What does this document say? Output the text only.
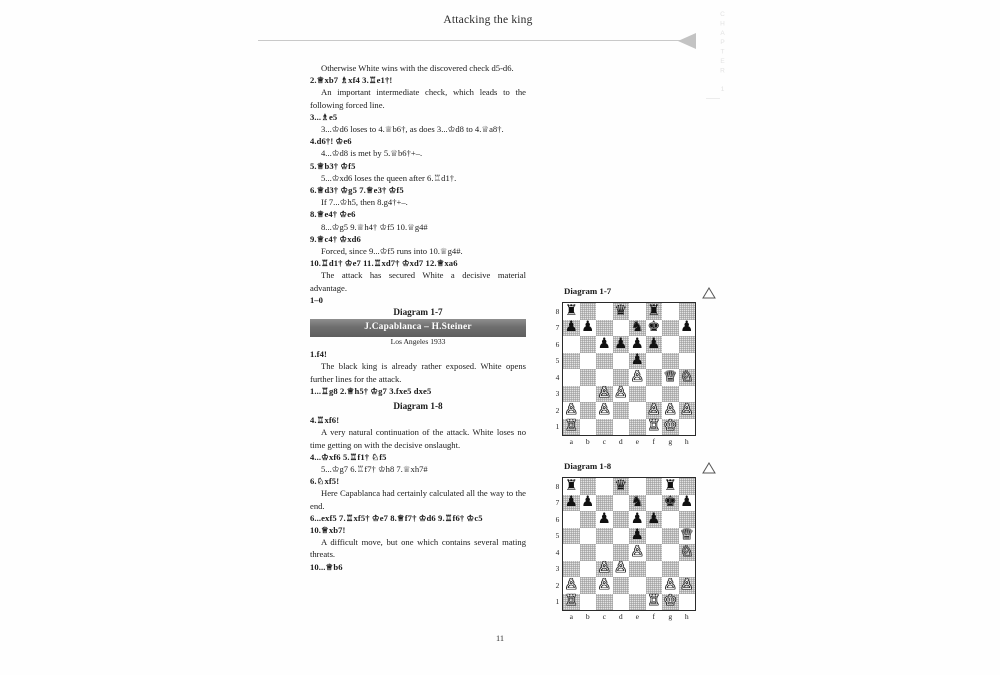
Attacking the king	CHAPTER 1

Otherwise White wins with the discovered check d5-d6.

2.♕xb7 ♗xf4 3.♖e1†!

An important intermediate check, which leads to the following forced line.

3...♗e5

3...♔d6 loses to 4.♕b6†, as does 3...♔d8 to 4.♕a8†.

4.d6†! ♔e6

4...♔d8 is met by 5.♕b6†+–.

5.♕b3† ♔f5

5...♔xd6 loses the queen after 6.♖d1†.

6.♕d3† ♔g5 7.♕e3† ♔f5

If 7...♔h5, then 8.g4†+–.

8.♕e4† ♔e6

8...♔g5 9.♕h4† ♔f5 10.♕g4#

9.♕c4† ♔xd6

Forced, since 9...♔f5 runs into 10.♕g4#.

10.♖d1† ♔e7 11.♖xd7† ♔xd7 12.♕xa6

The attack has secured White a decisive material advantage.

1–0

Diagram 1-7

J.Capablanca – H.Steiner

Los Angeles 1933

1.f4!

The black king is already rather exposed. White opens further lines for the attack.

1...♖g8 2.♕h5† ♔g7 3.fxe5 dxe5

Diagram 1-8

4.♖xf6!

A very natural continuation of the attack. White loses no time getting on with the decisive onslaught.

4...♔xf6 5.♖f1† ♘f5

5...♔g7 6.♖f7† ♔h8 7.♕xh7#

6.♘xf5!

Here Capablanca had certainly calculated all the way to the end.

6...exf5 7.♖xf5† ♔e7 8.♕f7† ♔d6 9.♖f6† ♔c5

10.♕xb7!

A difficult move, but one which contains several mating threats.

10...♕b6

Diagram 1-7
8
7
6
5
4
3
2
1
♜	♛ ♜
♟ ♟	♞ ♚ ♟
♟ ♟ ♟ ♟
♟
♙ ♕ ♘
♙ ♙
♙ ♙	♙ ♙ ♙
♖	♖ ♔
a	b	c	d	e	f	g	h
Diagram 1-8
8
7
6
5
4
3
2
1
♜	♛	♜
♟ ♟	♞ ♚ ♟
♟ ♟ ♟
♟	♕
♙	♘
♙ ♙
♙ ♙	♙ ♙
♖	♖ ♔
a	b	c	d	e	f	g	h
11
